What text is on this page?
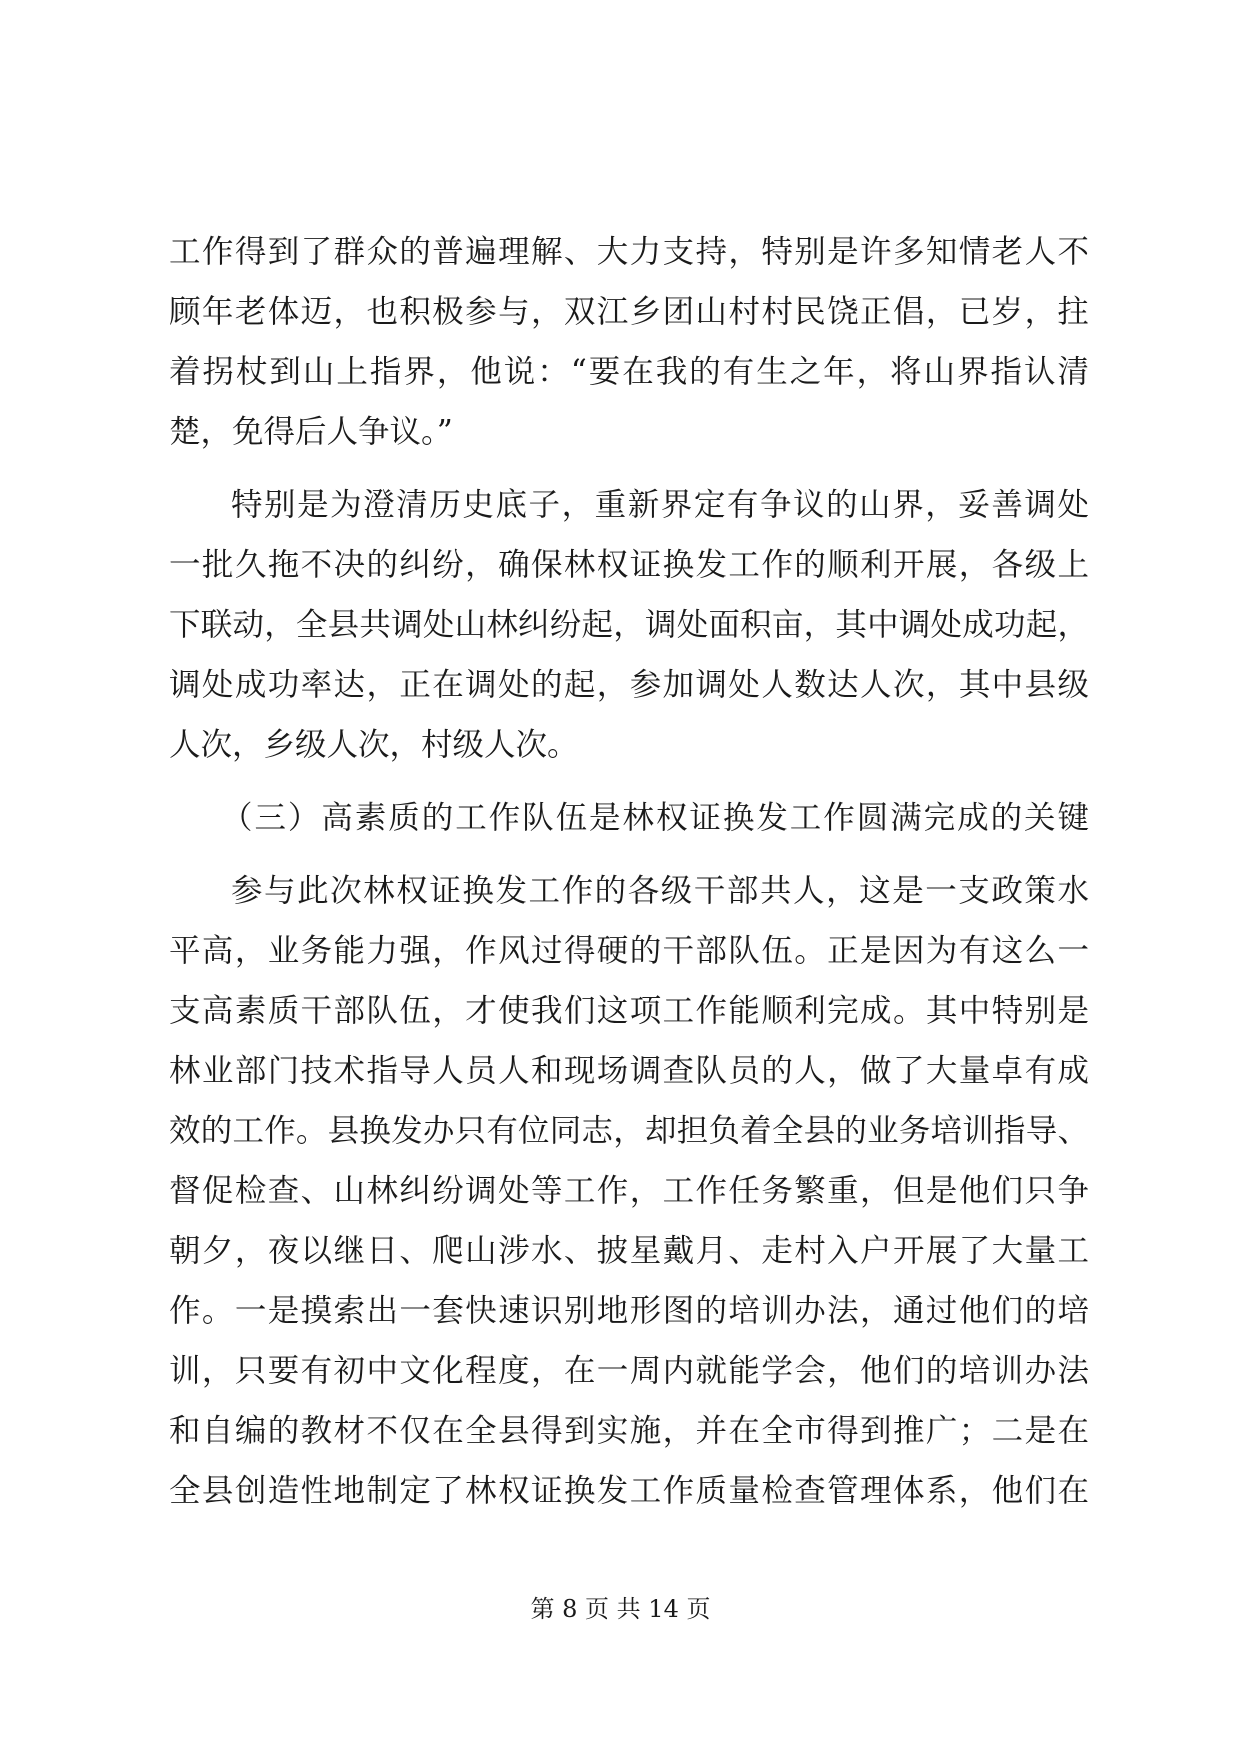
工作得到了群众的普遍理解、大力支持，特别是许多知情老人不
顾年老体迈，也积极参与，双江乡团山村村民饶正倡，已岁，拄
着拐杖到山上指界，他说：“要在我的有生之年，将山界指认清
楚，免得后人争议。”
特别是为澄清历史底子，重新界定有争议的山界，妥善调处
一批久拖不决的纠纷，确保林权证换发工作的顺利开展，各级上
下联动，全县共调处山林纠纷起，调处面积亩，其中调处成功起，
调处成功率达，正在调处的起，参加调处人数达人次，其中县级
人次，乡级人次，村级人次。
（三）高素质的工作队伍是林权证换发工作圆满完成的关键
参与此次林权证换发工作的各级干部共人，这是一支政策水
平高，业务能力强，作风过得硬的干部队伍。正是因为有这么一
支高素质干部队伍，才使我们这项工作能顺利完成。其中特别是
林业部门技术指导人员人和现场调查队员的人，做了大量卓有成
效的工作。县换发办只有位同志，却担负着全县的业务培训指导、
督促检查、山林纠纷调处等工作，工作任务繁重，但是他们只争
朝夕，夜以继日、爬山涉水、披星戴月、走村入户开展了大量工
作。一是摸索出一套快速识别地形图的培训办法，通过他们的培
训，只要有初中文化程度，在一周内就能学会，他们的培训办法
和自编的教材不仅在全县得到实施，并在全市得到推广；二是在
全县创造性地制定了林权证换发工作质量检查管理体系，他们在
第 8 页 共 14 页
